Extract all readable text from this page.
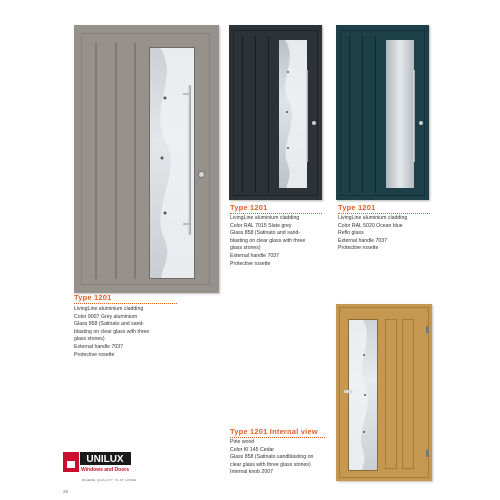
Type 1201
LivingLine aluminium cladding
Color RAL 7015 Slate grey
Glass 858 (Satinato and sand-
blasting on clear glass with three
glass stones)
External handle 7037
Protective rosette
Type 1201
LivingLine aluminium cladding
Color RAL 5020 Ocean blue
Reflo glass
External handle 7037
Protective rosette
Type 1201
LivingLine aluminium cladding
Color 9007 Grey aluminium
Glass 858 (Satinato and sand-
blasting on clear glass with three
glass stones)
External handle 7037
Protective rosette
Type 1201 Internal view
Pine wood
Color Kl 145 Cedar
Glass 858 (Satinato sandblasting on
clear glass with three glass stones)
Internal knob 2007
UNILUX
Windows and Doors
WHERE QUALITY IS AT HOME
28
